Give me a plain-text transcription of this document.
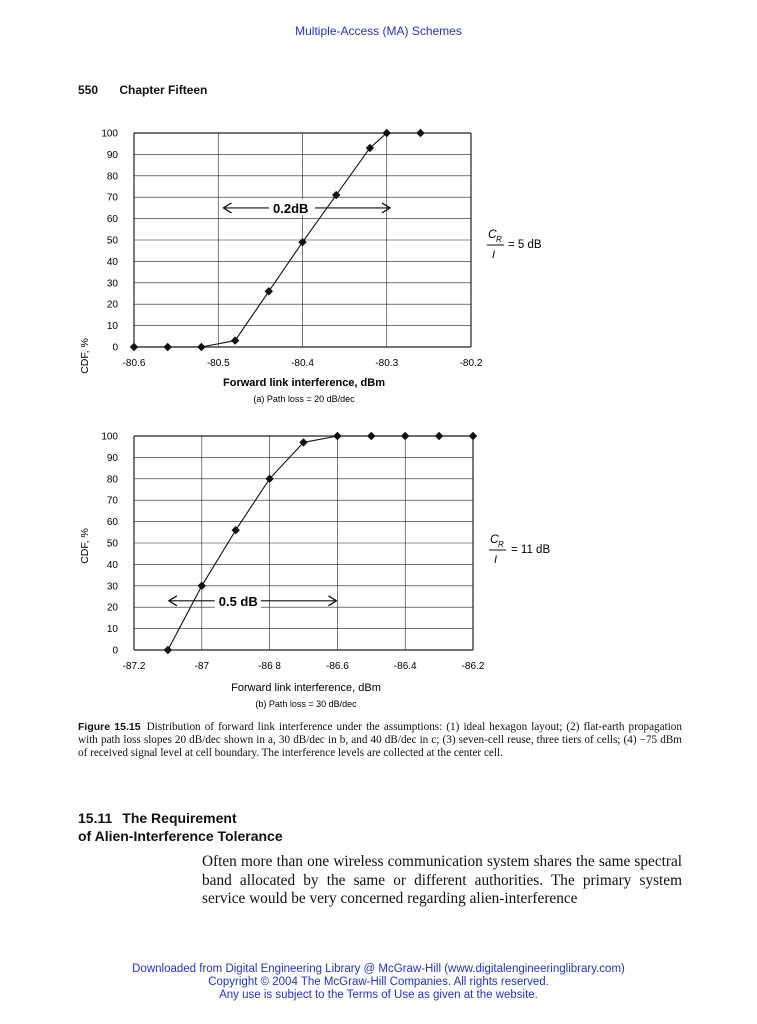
Multiple-Access (MA) Schemes
550 Chapter Fifteen
0
10
20
30
40
50
60
70
80
90
100
-80.6	-80.5	-80.4	-80.3	-80.2
0.2dB
CDF, %
Forward link interference, dBm
(a) Path loss = 20 dB/dec
C R
I
= 5 dB
0
10
20
30
40
50
60
70
80
90
100
-87.2	-87	-86 8	-86.6	-86.4	-86.2
0.5 dB
CDF, %
Forward link interference, dBm
(b) Path loss = 30 dB/dec
C R
I
= 11 dB
Figure 15.15 Distribution of forward link interference under the assumptions: (1) ideal hexagon layout; (2) flat-earth propagation with path loss slopes 20 dB/dec shown in a, 30 dB/dec in b, and 40 dB/dec in c; (3) seven-cell reuse, three tiers of cells; (4) −75 dBm of received signal level at cell boundary. The interference levels are collected at the center cell.
15.11 The Requirement
of Alien-Interference Tolerance
Often more than one wireless communication system shares the same spectral band allocated by the same or different authorities. The primary system service would be very concerned regarding alien-interference
Downloaded from Digital Engineering Library @ McGraw-Hill (www.digitalengineeringlibrary.com)
Copyright © 2004 The McGraw-Hill Companies. All rights reserved.
Any use is subject to the Terms of Use as given at the website.
